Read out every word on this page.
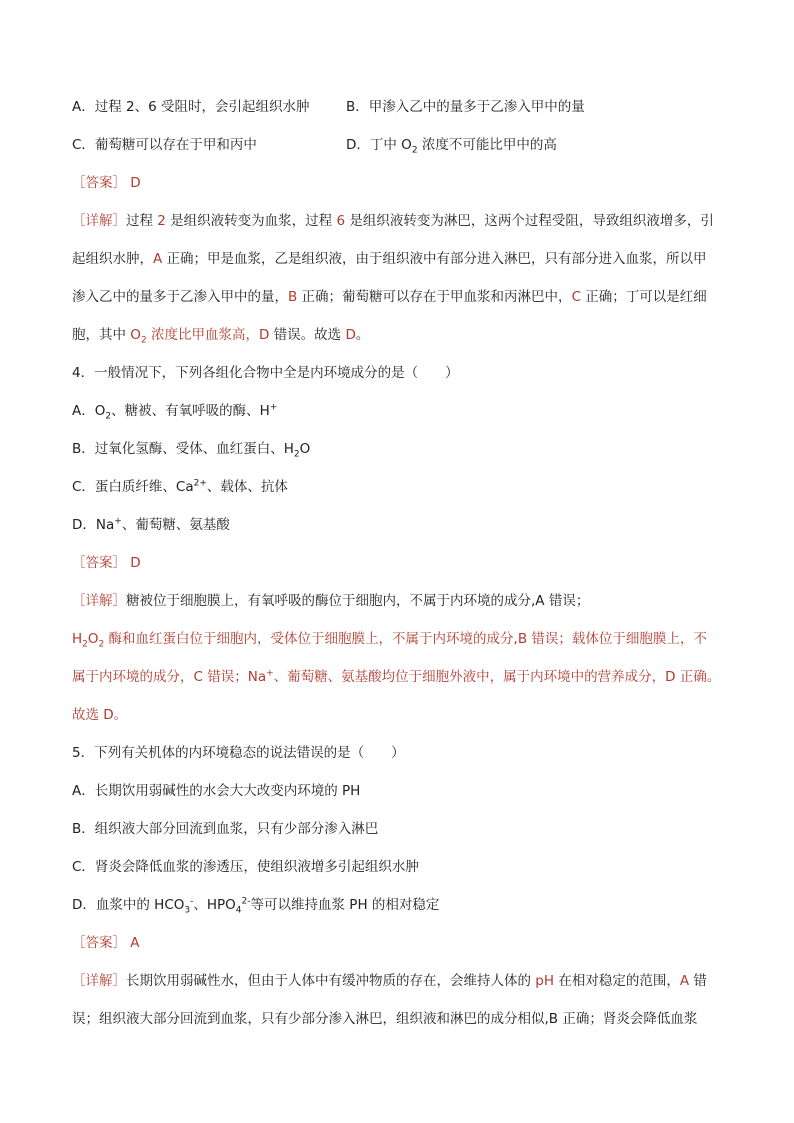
A．过程 2、6 受阻时，会引起组织水肿	B．甲渗入乙中的量多于乙渗入甲中的量
C．葡萄糖可以存在于甲和丙中	D．丁中 $O_2$ 浓度不可能比甲中的高
［答案］ D
［详解］过程 2 是组织液转变为血浆，过程 6 是组织液转变为淋巴，这两个过程受阻，导致组织液增多，引
起组织水肿，A 正确；甲是血浆，乙是组织液，由于组织液中有部分进入淋巴，只有部分进入血浆，所以甲
渗入乙中的量多于乙渗入甲中的量，B 正确；葡萄糖可以存在于甲血浆和丙淋巴中，C 正确；丁可以是红细
胞，其中 $O_2$ 浓度比甲血浆高，D 错误。故选 D。
4．一般情况下，下列各组化合物中全是内环境成分的是（　　）
A．$O_2$、糖被、有氧呼吸的酶、H+
B．过氧化氢酶、受体、血红蛋白、$H_2O$
C．蛋白质纤维、$Ca^{2+}$、载体、抗体
D．Na+、葡萄糖、氨基酸
［答案］ D
［详解］糖被位于细胞膜上，有氧呼吸的酶位于细胞内，不属于内环境的成分,A 错误；
$H_2O_2$ 酶和血红蛋白位于细胞内，受体位于细胞膜上，不属于内环境的成分,B 错误；载体位于细胞膜上，不
属于内环境的成分，C 错误；Na+、葡萄糖、氨基酸均位于细胞外液中，属于内环境中的营养成分，D 正确。
故选 D。
5．下列有关机体的内环境稳态的说法错误的是（　　）
A．长期饮用弱碱性的水会大大改变内环境的 PH
B．组织液大部分回流到血浆，只有少部分渗入淋巴
C．肾炎会降低血浆的渗透压，使组织液增多引起组织水肿
D．血浆中的 $HCO_3^-$、$HPO_4^{2-}$等可以维持血浆 PH 的相对稳定
［答案］ A
［详解］长期饮用弱碱性水，但由于人体中有缓冲物质的存在，会维持人体的 pH 在相对稳定的范围，A 错
误；组织液大部分回流到血浆，只有少部分渗入淋巴，组织液和淋巴的成分相似,B 正确；肾炎会降低血浆
